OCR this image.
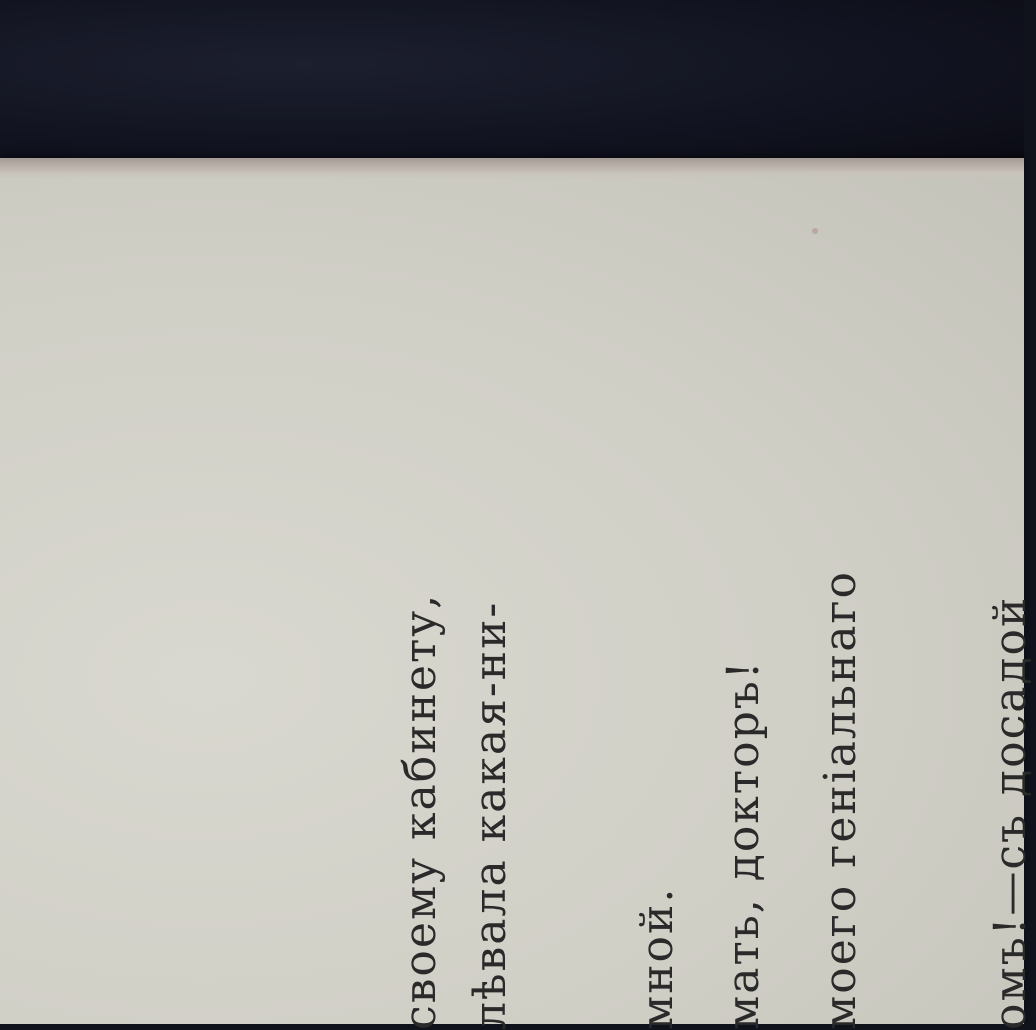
своему кабинету, лѣвала какая-ни-	мной. мать, докторъ! моего геніальнаго	омъ!—съ досадой
